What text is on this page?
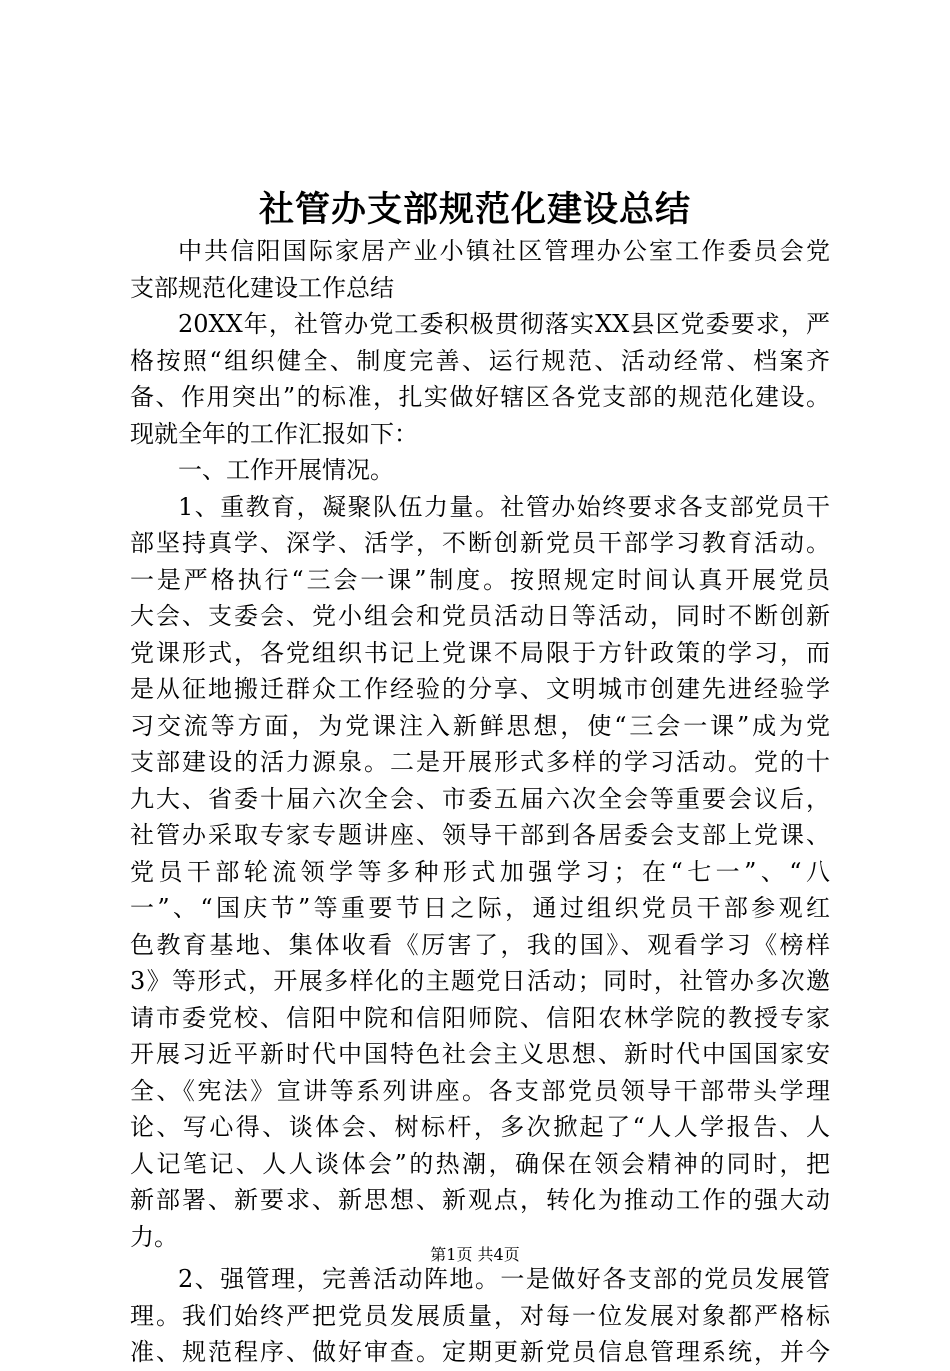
社管办支部规范化建设总结
中共信阳国际家居产业小镇社区管理办公室工作委员会党
支部规范化建设工作总结
20XX年，社管办党工委积极贯彻落实XX县区党委要求，严
格按照“组织健全、制度完善、运行规范、活动经常、档案齐
备、作用突出”的标准，扎实做好辖区各党支部的规范化建设。
现就全年的工作汇报如下：
一、工作开展情况。
1、重教育，凝聚队伍力量。社管办始终要求各支部党员干
部坚持真学、深学、活学，不断创新党员干部学习教育活动。
一是严格执行“三会一课”制度。按照规定时间认真开展党员
大会、支委会、党小组会和党员活动日等活动，同时不断创新
党课形式，各党组织书记上党课不局限于方针政策的学习，而
是从征地搬迁群众工作经验的分享、文明城市创建先进经验学
习交流等方面，为党课注入新鲜思想，使“三会一课”成为党
支部建设的活力源泉。二是开展形式多样的学习活动。党的十
九大、省委十届六次全会、市委五届六次全会等重要会议后，
社管办采取专家专题讲座、领导干部到各居委会支部上党课、
党员干部轮流领学等多种形式加强学习；在“七一”、“八
一”、“国庆节”等重要节日之际，通过组织党员干部参观红
色教育基地、集体收看《厉害了，我的国》、观看学习《榜样
3》等形式，开展多样化的主题党日活动；同时，社管办多次邀
请市委党校、信阳中院和信阳师院、信阳农林学院的教授专家
开展习近平新时代中国特色社会主义思想、新时代中国国家安
全、《宪法》宣讲等系列讲座。各支部党员领导干部带头学理
论、写心得、谈体会、树标杆，多次掀起了“人人学报告、人
人记笔记、人人谈体会”的热潮，确保在领会精神的同时，把
新部署、新要求、新思想、新观点，转化为推动工作的强大动
力。
2、强管理，完善活动阵地。一是做好各支部的党员发展管
理。我们始终严把党员发展质量，对每一位发展对象都严格标
准、规范程序、做好审查。定期更新党员信息管理系统，并今
第1页 共4页
